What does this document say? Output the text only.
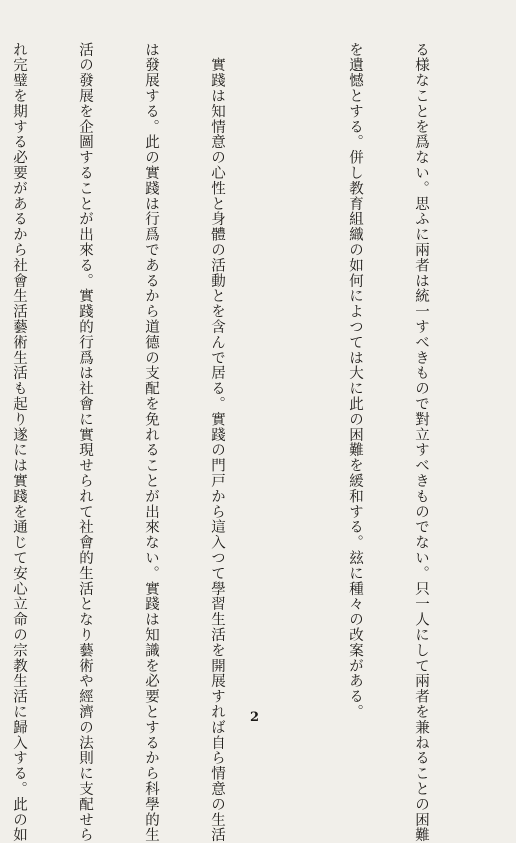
る様なことを爲ない。思ふに兩者は統一すべきもので對立すべきものでない。只一人にして兩者を兼ねることの困難

を遺憾とする。併し教育組織の如何によつては大に此の困難を緩和する。玆に種々の改案がある。

　實踐は知情意の心性と身體の活動とを含んで居る。實踐の門戸から這入つて學習生活を開展すれば自ら情意の生活

は發展する。此の實踐は行爲であるから道德の支配を免れることが出來ない。實踐は知識を必要とするから科學的生

活の發展を企圖することが出來る。實踐的行爲は社會に實現せられて社會的生活となり藝術や經濟の法則に支配せら

れ完璧を期する必要があるから社會生活藝術生活も起り遂には實踐を通じて安心立命の宗教生活に歸入する。此の如

	2
